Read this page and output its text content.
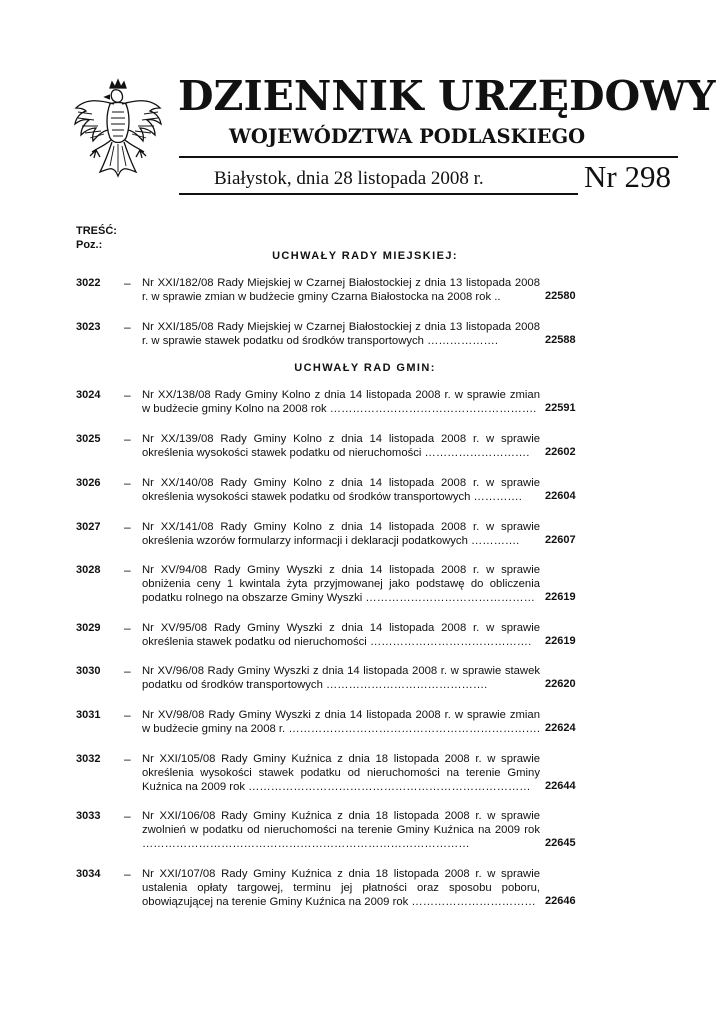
DZIENNIK URZĘDOWY
WOJEWÓDZTWA PODLASKIEGO
Białystok, dnia 28 listopada 2008 r.	Nr 298
TREŚĆ:
Poz.:
UCHWAŁY RADY MIEJSKIEJ:
3022 – Nr XXI/182/08 Rady Miejskiej w Czarnej Białostockiej z dnia 13 listopada 2008 r. w sprawie zmian w budżecie gminy Czarna Białostocka na 2008 rok ..	22580
3023 – Nr XXI/185/08 Rady Miejskiej w Czarnej Białostockiej z dnia 13 listopada 2008 r. w sprawie stawek podatku od środków transportowych ……………….	22588
UCHWAŁY RAD GMIN:
3024 – Nr XX/138/08 Rady Gminy Kolno z dnia 14 listopada 2008 r. w sprawie zmian w budżecie gminy Kolno na 2008 rok ………………………………………………. 22591
3025 – Nr XX/139/08 Rady Gminy Kolno z dnia 14 listopada 2008 r. w sprawie określenia wysokości stawek podatku od nieruchomości ……………………….	22602
3026 – Nr XX/140/08 Rady Gminy Kolno z dnia 14 listopada 2008 r. w sprawie określenia wysokości stawek podatku od środków transportowych ………….	22604
3027 – Nr XX/141/08 Rady Gminy Kolno z dnia 14 listopada 2008 r. w sprawie określenia wzorów formularzy informacji i deklaracji podatkowych ………….	22607
3028 – Nr XV/94/08 Rady Gminy Wyszki z dnia 14 listopada 2008 r. w sprawie obniżenia ceny 1 kwintala żyta przyjmowanej jako podstawę do obliczenia podatku rolnego na obszarze Gminy Wyszki ……………………………………… 22619
3029 – Nr XV/95/08 Rady Gminy Wyszki z dnia 14 listopada 2008 r. w sprawie określenia stawek podatku od nieruchomości …………………………………….	22619
3030 – Nr XV/96/08 Rady Gminy Wyszki z dnia 14 listopada 2008 r. w sprawie stawek podatku od środków transportowych …………………………………….	22620
3031 – Nr XV/98/08 Rady Gminy Wyszki z dnia 14 listopada 2008 r. w sprawie zmian w budżecie gminy na 2008 r. …………………………………………………………. 22624
3032 – Nr XXI/105/08 Rady Gminy Kuźnica z dnia 18 listopada 2008 r. w sprawie określenia wysokości stawek podatku od nieruchomości na terenie Gminy Kuźnica na 2009 rok …………………………………………………………………	22644
3033 – Nr XXI/106/08 Rady Gminy Kuźnica z dnia 18 listopada 2008 r. w sprawie zwolnień w podatku od nieruchomości na terenie Gminy Kuźnica na 2009 rok ……………………………………………………………………………	22645
3034 – Nr XXI/107/08 Rady Gminy Kuźnica z dnia 18 listopada 2008 r. w sprawie ustalenia opłaty targowej, terminu jej płatności oraz sposobu poboru, obowiązującej na terenie Gminy Kuźnica na 2009 rok …………………………… 22646
